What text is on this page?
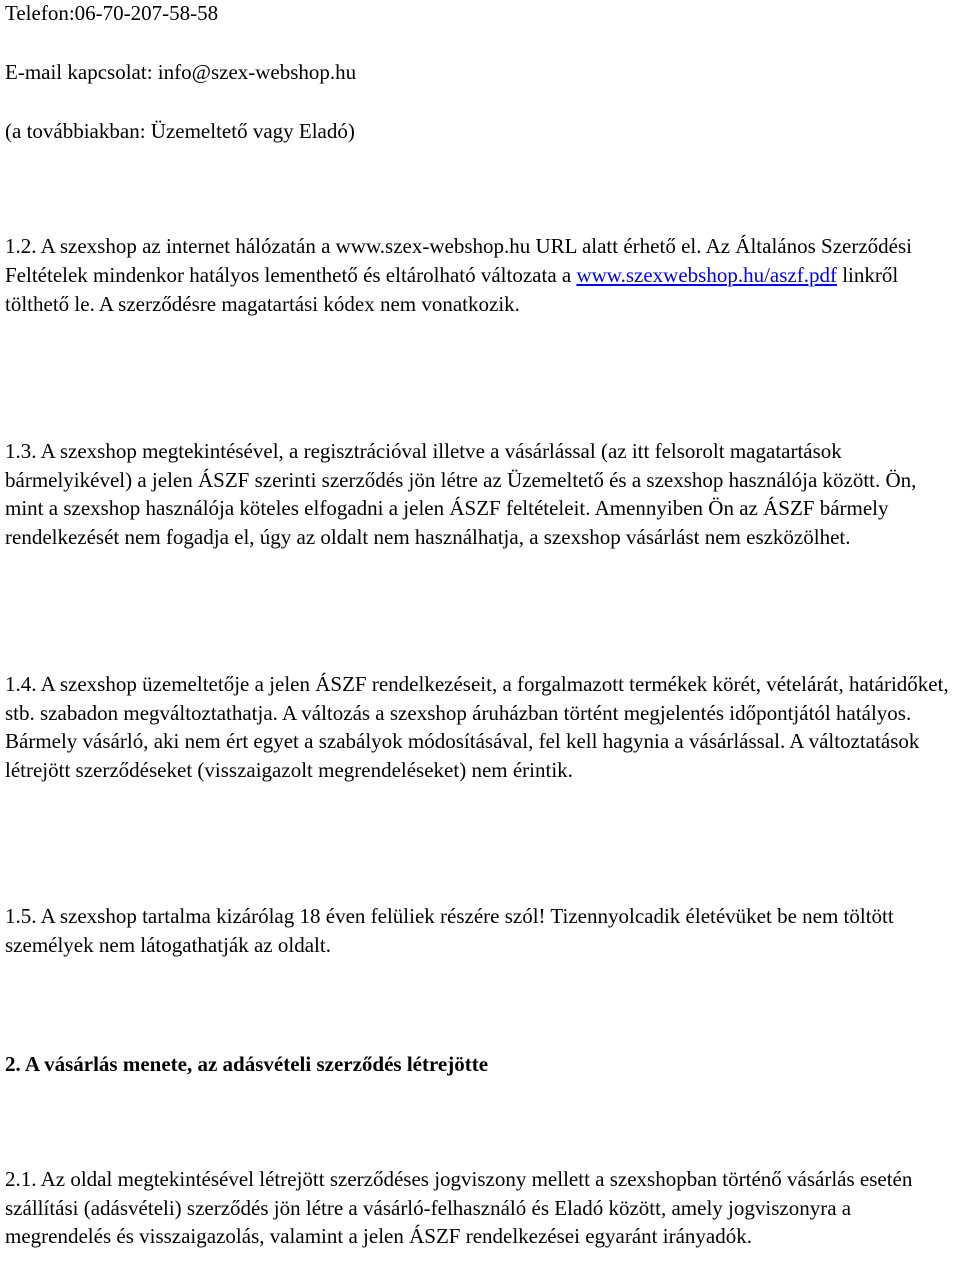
Telefon:06-70-207-58-58
E-mail kapcsolat: info@szex-webshop.hu
(a továbbiakban: Üzemeltető vagy Eladó)
1.2. A szexshop az internet hálózatán a www.szex-webshop.hu URL alatt érhető el. Az Általános Szerződési Feltételek mindenkor hatályos lementhető és eltárolható változata a www.szexwebshop.hu/aszf.pdf linkről tölthető le. A szerződésre magatartási kódex nem vonatkozik.
1.3. A szexshop megtekintésével, a regisztrációval illetve a vásárlással (az itt felsorolt magatartások bármelyikével) a jelen ÁSZF szerinti szerződés jön létre az Üzemeltető és a szexshop használója között. Ön, mint a szexshop használója köteles elfogadni a jelen ÁSZF feltételeit. Amennyiben Ön az ÁSZF bármely rendelkezését nem fogadja el, úgy az oldalt nem használhatja, a szexshop vásárlást nem eszközölhet.
1.4. A szexshop üzemeltetője a jelen ÁSZF rendelkezéseit, a forgalmazott termékek körét, vételárát, határidőket, stb. szabadon megváltoztathatja. A változás a szexshop áruházban történt megjelentés időpontjától hatályos. Bármely vásárló, aki nem ért egyet a szabályok módosításával, fel kell hagynia a vásárlással. A változtatások létrejött szerződéseket (visszaigazolt megrendeléseket) nem érintik.
1.5. A szexshop tartalma kizárólag 18 éven felüliek részére szól! Tizennyolcadik életévüket be nem töltött személyek nem látogathatják az oldalt.
2. A vásárlás menete, az adásvételi szerződés létrejötte
2.1. Az oldal megtekintésével létrejött szerződéses jogviszony mellett a szexshopban történő vásárlás esetén szállítási (adásvételi) szerződés jön létre a vásárló-felhasználó és Eladó között, amely jogviszonyra a megrendelés és visszaigazolás, valamint a jelen ÁSZF rendelkezései egyaránt irányadók.
